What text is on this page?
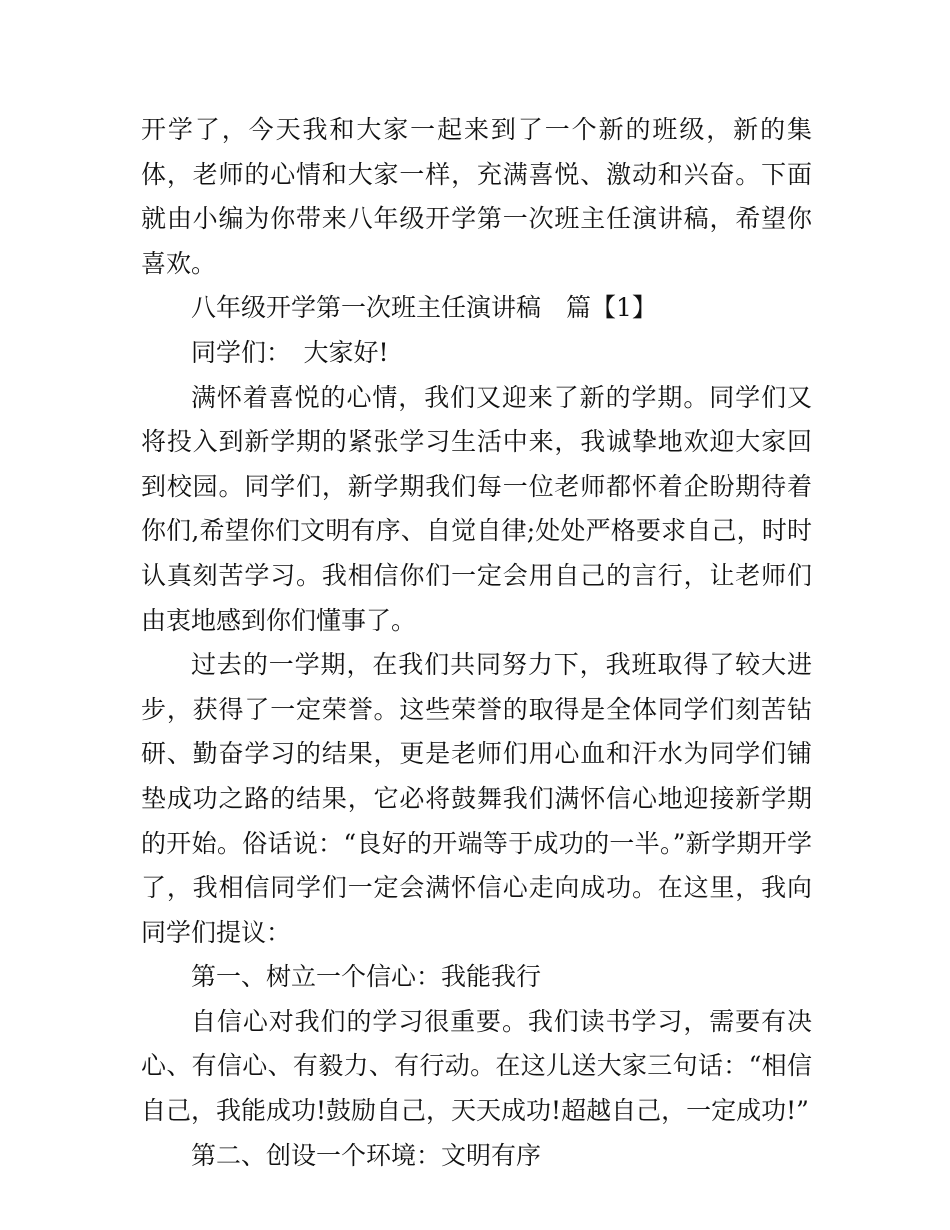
开学了，今天我和大家一起来到了一个新的班级，新的集体，老师的心情和大家一样，充满喜悦、激动和兴奋。下面就由小编为你带来八年级开学第一次班主任演讲稿，希望你喜欢。

八年级开学第一次班主任演讲稿　篇【1】

同学们：　大家好!

满怀着喜悦的心情，我们又迎来了新的学期。同学们又将投入到新学期的紧张学习生活中来，我诚挚地欢迎大家回到校园。同学们，新学期我们每一位老师都怀着企盼期待着你们,希望你们文明有序、自觉自律;处处严格要求自己，时时认真刻苦学习。我相信你们一定会用自己的言行，让老师们由衷地感到你们懂事了。

过去的一学期，在我们共同努力下，我班取得了较大进步，获得了一定荣誉。这些荣誉的取得是全体同学们刻苦钻研、勤奋学习的结果，更是老师们用心血和汗水为同学们铺垫成功之路的结果，它必将鼓舞我们满怀信心地迎接新学期的开始。俗话说：“良好的开端等于成功的一半。”新学期开学了，我相信同学们一定会满怀信心走向成功。在这里，我向同学们提议：

第一、树立一个信心：我能我行

自信心对我们的学习很重要。我们读书学习，需要有决心、有信心、有毅力、有行动。在这儿送大家三句话：“相信自己，我能成功!鼓励自己，天天成功!超越自己，一定成功!”

第二、创设一个环境：文明有序
